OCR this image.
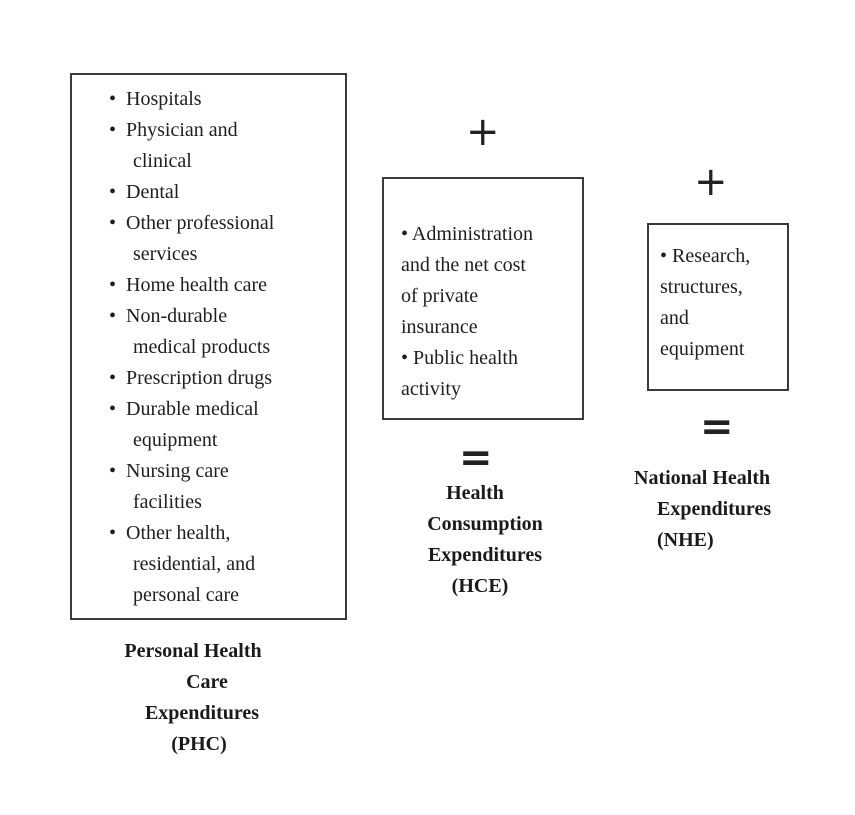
• Hospitals
• Physician and
clinical
• Dental
• Other professional
services
• Home health care
• Non-durable
medical products
• Prescription drugs
• Durable medical
equipment
• Nursing care
facilities
• Other health,
residential, and
personal care
Personal Health
Care
Expenditures
(PHC)
+
• Administration
and the net cost
of private
insurance
• Public health
activity
=
Health
Consumption
Expenditures
(HCE)
+
• Research,
structures,
and
equipment
=
National Health
Expenditures
(NHE)
